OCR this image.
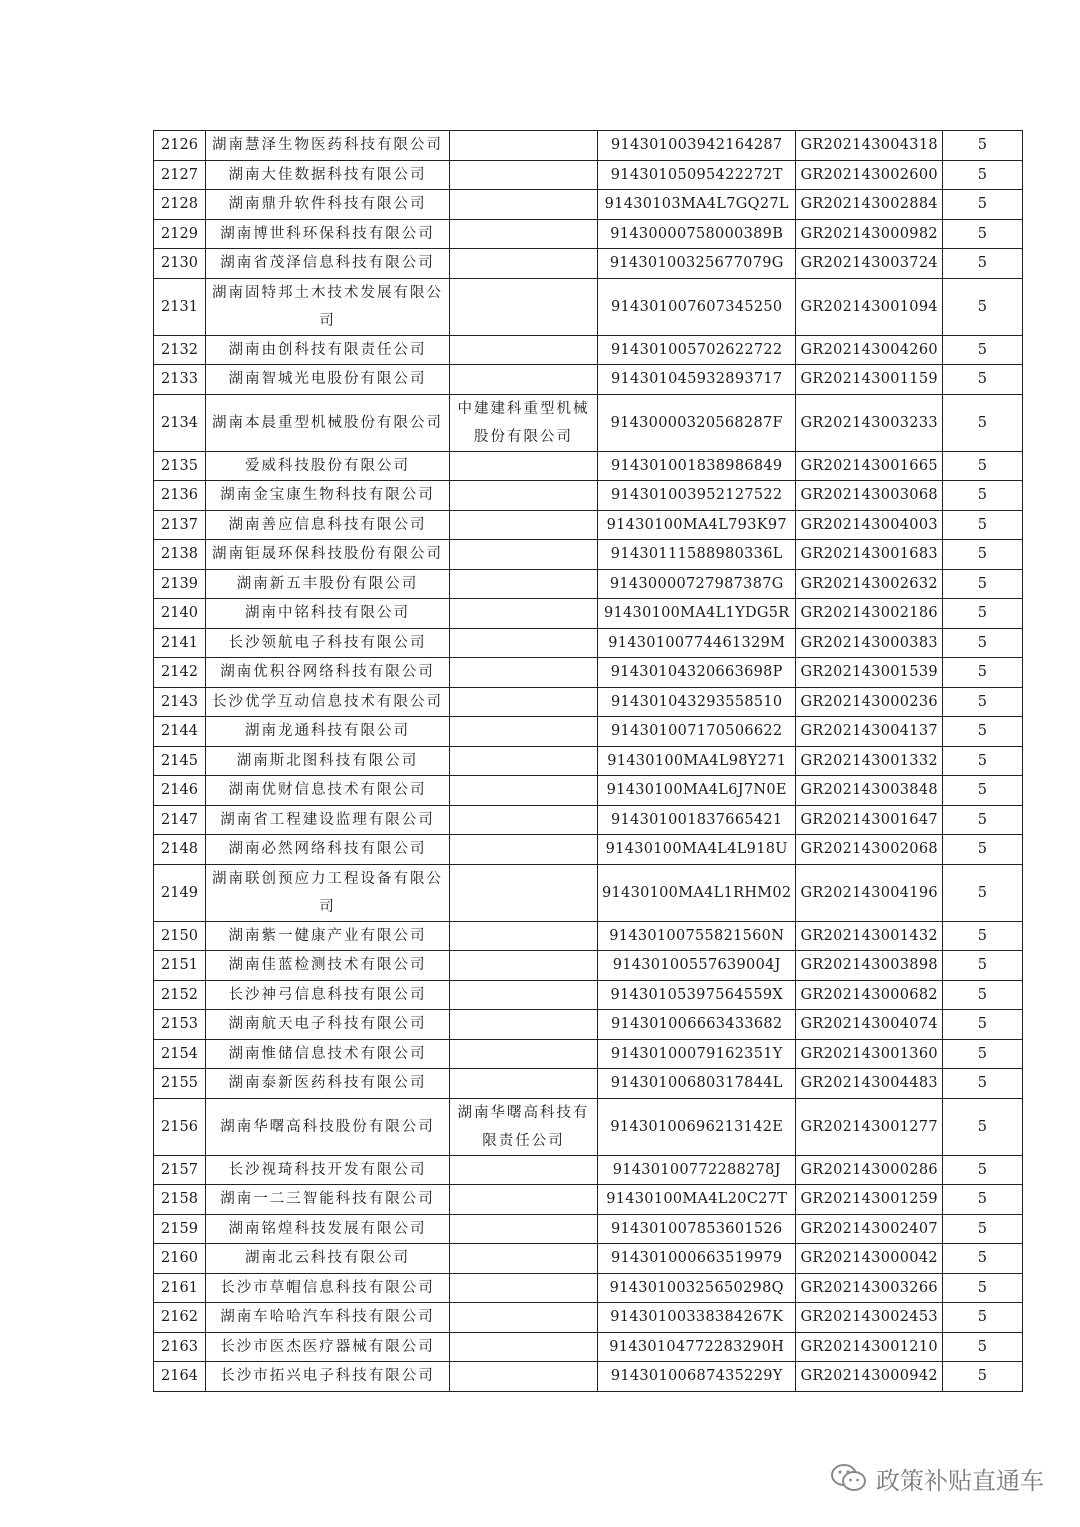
2126	湖南慧泽生物医药科技有限公司		914301003942164287	GR202143004318	5
2127	湖南大佳数据科技有限公司		91430105095422272T	GR202143002600	5
2128	湖南鼎升软件科技有限公司		91430103MA4L7GQ27L	GR202143002884	5
2129	湖南博世科环保科技有限公司		91430000758000389B	GR202143000982	5
2130	湖南省茂泽信息科技有限公司		91430100325677079G	GR202143003724	5
2131	湖南固特邦土木技术发展有限公司		914301007607345250	GR202143001094	5
2132	湖南由创科技有限责任公司		914301005702622722	GR202143004260	5
2133	湖南智城光电股份有限公司		914301045932893717	GR202143001159	5
2134	湖南本晨重型机械股份有限公司	中建建科重型机械股份有限公司	91430000320568287F	GR202143003233	5
2135	爱威科技股份有限公司		914301001838986849	GR202143001665	5
2136	湖南金宝康生物科技有限公司		914301003952127522	GR202143003068	5
2137	湖南善应信息科技有限公司		91430100MA4L793K97	GR202143004003	5
2138	湖南钜晟环保科技股份有限公司		91430111588980336L	GR202143001683	5
2139	湖南新五丰股份有限公司		91430000727987387G	GR202143002632	5
2140	湖南中铭科技有限公司		91430100MA4L1YDG5R	GR202143002186	5
2141	长沙领航电子科技有限公司		91430100774461329M	GR202143000383	5
2142	湖南优积谷网络科技有限公司		91430104320663698P	GR202143001539	5
2143	长沙优学互动信息技术有限公司		914301043293558510	GR202143000236	5
2144	湖南龙通科技有限公司		914301007170506622	GR202143004137	5
2145	湖南斯北图科技有限公司		91430100MA4L98Y271	GR202143001332	5
2146	湖南优财信息技术有限公司		91430100MA4L6J7N0E	GR202143003848	5
2147	湖南省工程建设监理有限公司		914301001837665421	GR202143001647	5
2148	湖南必然网络科技有限公司		91430100MA4L4L918U	GR202143002068	5
2149	湖南联创预应力工程设备有限公司		91430100MA4L1RHM02	GR202143004196	5
2150	湖南紫一健康产业有限公司		91430100755821560N	GR202143001432	5
2151	湖南佳蓝检测技术有限公司		91430100557639004J	GR202143003898	5
2152	长沙神弓信息科技有限公司		91430105397564559X	GR202143000682	5
2153	湖南航天电子科技有限公司		914301006663433682	GR202143004074	5
2154	湖南惟储信息技术有限公司		91430100079162351Y	GR202143001360	5
2155	湖南泰新医药科技有限公司		91430100680317844L	GR202143004483	5
2156	湖南华曙高科技股份有限公司	湖南华曙高科技有限责任公司	91430100696213142E	GR202143001277	5
2157	长沙视琦科技开发有限公司		91430100772288278J	GR202143000286	5
2158	湖南一二三智能科技有限公司		91430100MA4L20C27T	GR202143001259	5
2159	湖南铭煌科技发展有限公司		914301007853601526	GR202143002407	5
2160	湖南北云科技有限公司		914301000663519979	GR202143000042	5
2161	长沙市草帽信息科技有限公司		91430100325650298Q	GR202143003266	5
2162	湖南车哈哈汽车科技有限公司		91430100338384267K	GR202143002453	5
2163	长沙市医杰医疗器械有限公司		91430104772283290H	GR202143001210	5
2164	长沙市拓兴电子科技有限公司		91430100687435229Y	GR202143000942	5
政策补贴直通车
